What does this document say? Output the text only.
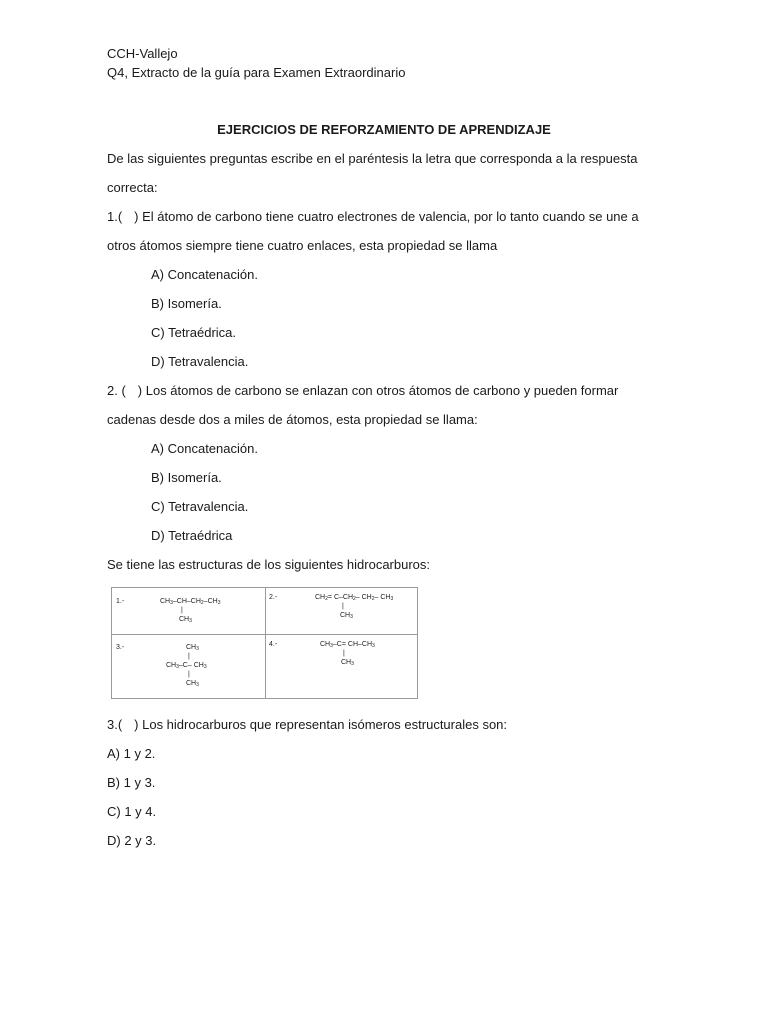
CCH-Vallejo
Q4, Extracto de la guía para Examen Extraordinario
EJERCICIOS DE REFORZAMIENTO DE APRENDIZAJE
De las siguientes preguntas escribe en el paréntesis la letra que corresponda a la respuesta
correcta:
1.( ) El átomo de carbono tiene cuatro electrones de valencia, por lo tanto cuando se une a
otros átomos siempre tiene cuatro enlaces, esta propiedad se llama
A) Concatenación.
B) Isomería.
C) Tetraédrica.
D) Tetravalencia.
2. ( ) Los átomos de carbono se enlazan con otros átomos de carbono y pueden formar
cadenas desde dos a miles de átomos, esta propiedad se llama:
A) Concatenación.
B) Isomería.
C) Tetravalencia.
D) Tetraédrica
Se tiene las estructuras de los siguientes hidrocarburos:
1.-	$CH_3-CH-CH_2-CH_3$
|
$CH_3$
2.-	$CH_2= C-CH_2-$ $CH_2-$ $CH_3$
|
$CH_3$
3.-	$CH_3$
|
$CH_3-C-$ $CH_3$
|
$CH_3$
4.-	$CH_3-C= CH-CH_3$
|
$CH_3$
3.( ) Los hidrocarburos que representan isómeros estructurales son:
A) 1 y 2.
B) 1 y 3.
C) 1 y 4.
D) 2 y 3.
